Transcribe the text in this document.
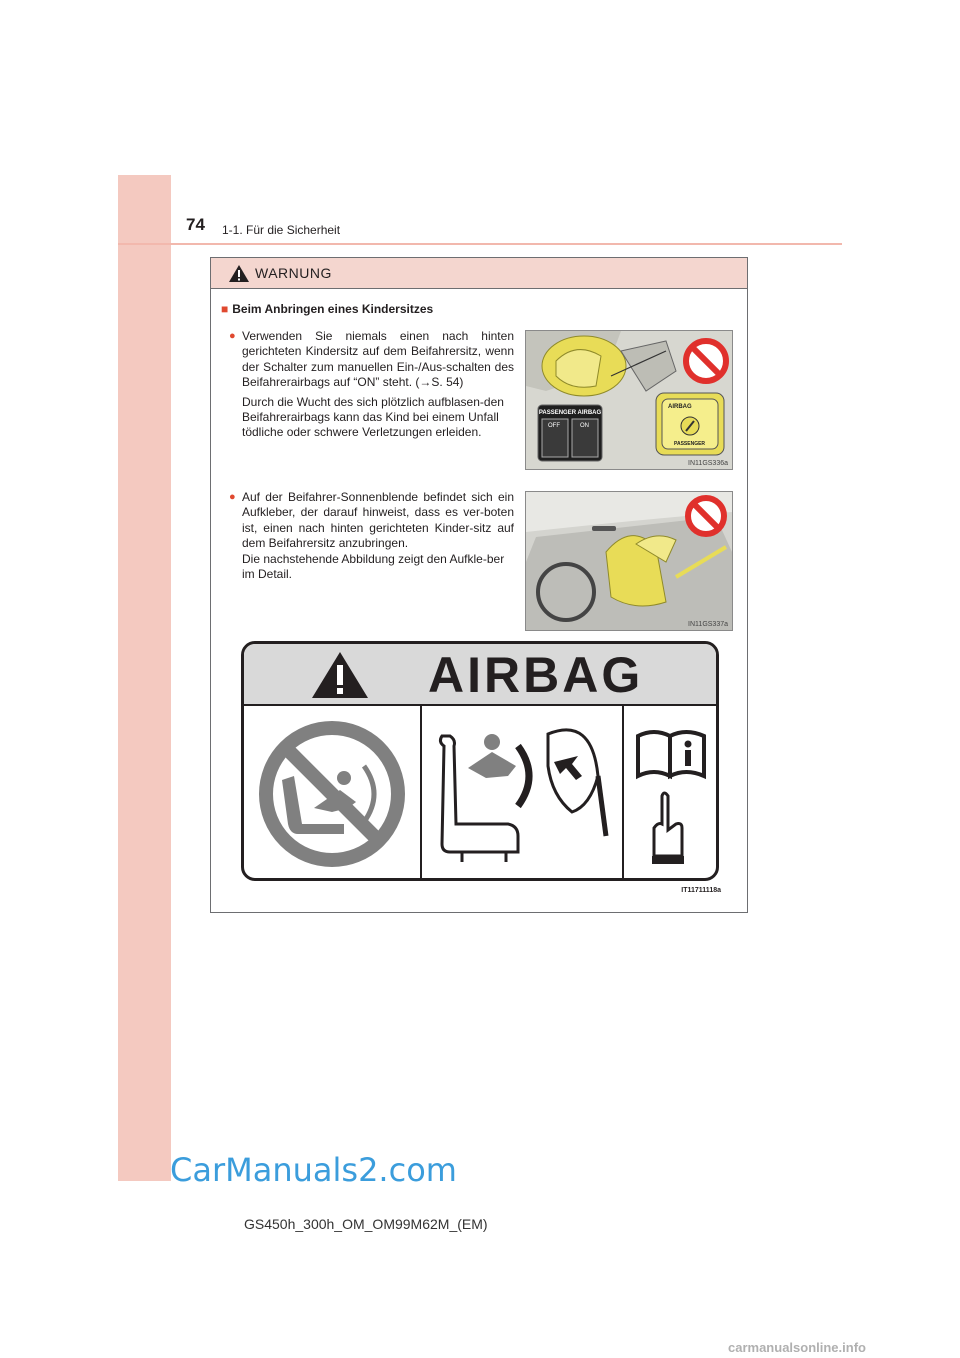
74 1-1. Für die Sicherheit
WARNUNG
■ Beim Anbringen eines Kindersitzes
● Verwenden Sie niemals einen nach hinten gerichteten Kindersitz auf dem Beifahrersitz, wenn der Schalter zum manuellen Ein-/Aus-schalten des Beifahrerairbags auf “ON” steht. (→S. 54)

Durch die Wucht des sich plötzlich aufblasen-den Beifahrerairbags kann das Kind bei einem Unfall tödliche oder schwere Verletzungen erleiden.

● Auf der Beifahrer-Sonnenblende befindet sich ein Aufkleber, der darauf hinweist, dass es ver-boten ist, einen nach hinten gerichteten Kinder-sitz auf dem Beifahrersitz anzubringen.

Die nachstehende Abbildung zeigt den Aufkle-ber im Detail.

PASSENGER AIRBAG
OFF	ON
AIRBAG
PASSENGER
IN11GS336a
IN11GS337a
AIRBAG
IT11711118a
CarManuals2.com
GS450h_300h_OM_OM99M62M_(EM)
carmanualsonline.info
